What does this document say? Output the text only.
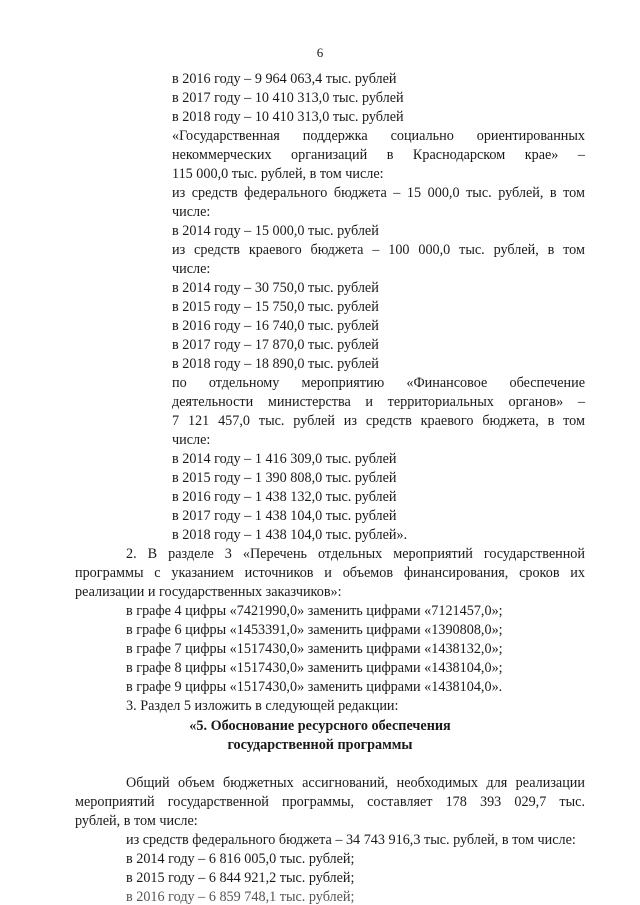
6
в 2016 году – 9 964 063,4 тыс. рублей
в 2017 году – 10 410 313,0 тыс. рублей
в 2018 году – 10 410 313,0 тыс. рублей
«Государственная поддержка социально ориентированных
некоммерческих организаций в Краснодарском крае» –
115 000,0 тыс. рублей, в том числе:
из средств федерального бюджета – 15 000,0 тыс. рублей, в том
числе:
в 2014 году – 15 000,0 тыс. рублей
из средств краевого бюджета – 100 000,0 тыс. рублей, в том
числе:
в 2014 году – 30 750,0 тыс. рублей
в 2015 году – 15 750,0 тыс. рублей
в 2016 году – 16 740,0 тыс. рублей
в 2017 году – 17 870,0 тыс. рублей
в 2018 году – 18 890,0 тыс. рублей
по отдельному мероприятию «Финансовое обеспечение
деятельности министерства и территориальных органов» –
7 121 457,0 тыс. рублей из средств краевого бюджета, в том
числе:
в 2014 году – 1 416 309,0 тыс. рублей
в 2015 году – 1 390 808,0 тыс. рублей
в 2016 году – 1 438 132,0 тыс. рублей
в 2017 году – 1 438 104,0 тыс. рублей
в 2018 году – 1 438 104,0 тыс. рублей».
2. В разделе 3 «Перечень отдельных мероприятий государственной
программы с указанием источников и объемов финансирования, сроков их
реализации и государственных заказчиков»:
в графе 4 цифры «7421990,0» заменить цифрами «7121457,0»;
в графе 6 цифры «1453391,0» заменить цифрами «1390808,0»;
в графе 7 цифры «1517430,0» заменить цифрами «1438132,0»;
в графе 8 цифры «1517430,0» заменить цифрами «1438104,0»;
в графе 9 цифры «1517430,0» заменить цифрами «1438104,0».
3. Раздел 5 изложить в следующей редакции:
«5. Обоснование ресурсного обеспечения
государственной программы
Общий объем бюджетных ассигнований, необходимых для реализации
мероприятий государственной программы, составляет 178 393 029,7 тыс.
рублей, в том числе:
из средств федерального бюджета – 34 743 916,3 тыс. рублей, в том числе:
в 2014 году – 6 816 005,0 тыс. рублей;
в 2015 году – 6 844 921,2 тыс. рублей;
в 2016 году – 6 859 748,1 тыс. рублей;
